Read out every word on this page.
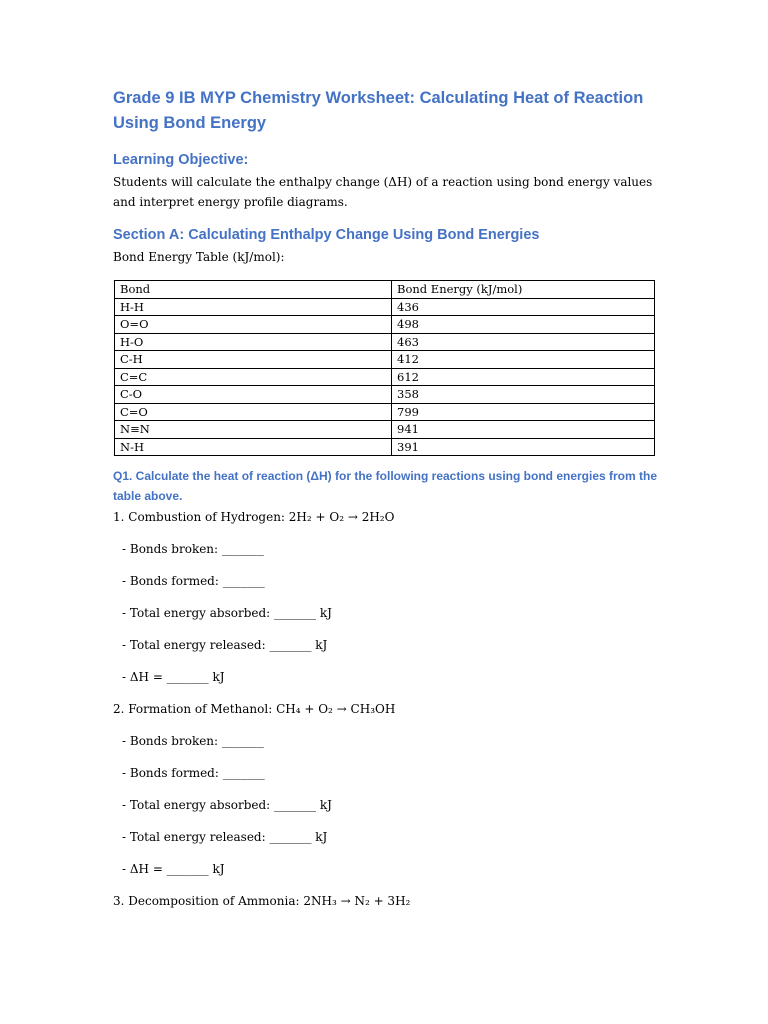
Grade 9 IB MYP Chemistry Worksheet: Calculating Heat of Reaction Using Bond Energy
Learning Objective:

Students will calculate the enthalpy change (ΔH) of a reaction using bond energy values and interpret energy profile diagrams.

Section A: Calculating Enthalpy Change Using Bond Energies

Bond Energy Table (kJ/mol):

Bond	Bond Energy (kJ/mol)
H-H	436
O=O	498
H-O	463
C-H	412
C=C	612
C-O	358
C=O	799
N≡N	941
N-H	391

Q1. Calculate the heat of reaction (ΔH) for the following reactions using bond energies from the table above.

1. Combustion of Hydrogen: 2H₂ + O₂ → 2H₂O

- Bonds broken: _______

- Bonds formed: _______

- Total energy absorbed: _______ kJ

- Total energy released: _______ kJ

- ΔH = _______ kJ

2. Formation of Methanol: CH₄ + O₂ → CH₃OH

- Bonds broken: _______

- Bonds formed: _______

- Total energy absorbed: _______ kJ

- Total energy released: _______ kJ

- ΔH = _______ kJ

3. Decomposition of Ammonia: 2NH₃ → N₂ + 3H₂
